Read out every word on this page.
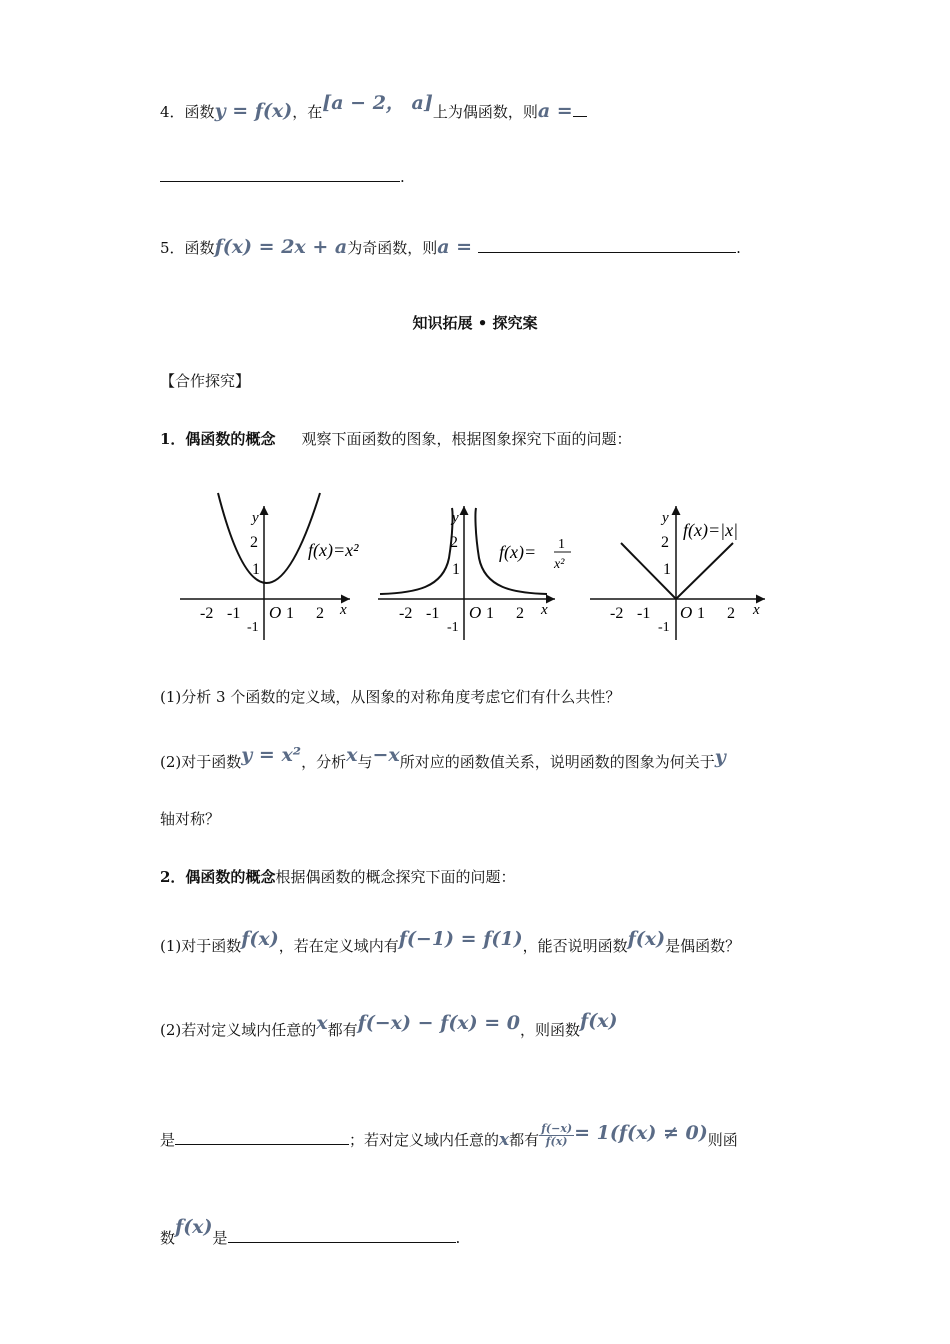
4．函数y = f(x)，在[a − 2， a]上为偶函数，则a =
.
5．函数f(x) = 2x + a为奇函数，则a =	.
知识拓展 • 探究案
【合作探究】
1．偶函数的概念 观察下面函数的图象，根据图象探究下面的问题：
y
2
1
-1
-2 -1 O 1 2 x
f(x)=x²
y
2
1
-1
-2 -1 O 1 2 x
f(x)= 1
x²
y
2
1
-1
-2 -1 O 1 2 x
f(x)=|x|
(1)分析 3 个函数的定义域，从图象的对称角度考虑它们有什么共性？
(2)对于函数y = x²，分析x与−x所对应的函数值关系，说明函数的图象为何关于y
轴对称？
2．偶函数的概念根据偶函数的概念探究下面的问题：
(1)对于函数f(x)，若在定义域内有f(−1) = f(1)，能否说明函数f(x)是偶函数？
(2)若对定义域内任意的x都有f(−x) − f(x) = 0，则函数f(x)
是	；若对定义域内任意的x都有 $\frac{f(-x)}{f(x)} = 1(f(x) \ne 0)$则函
数f(x)是	.
